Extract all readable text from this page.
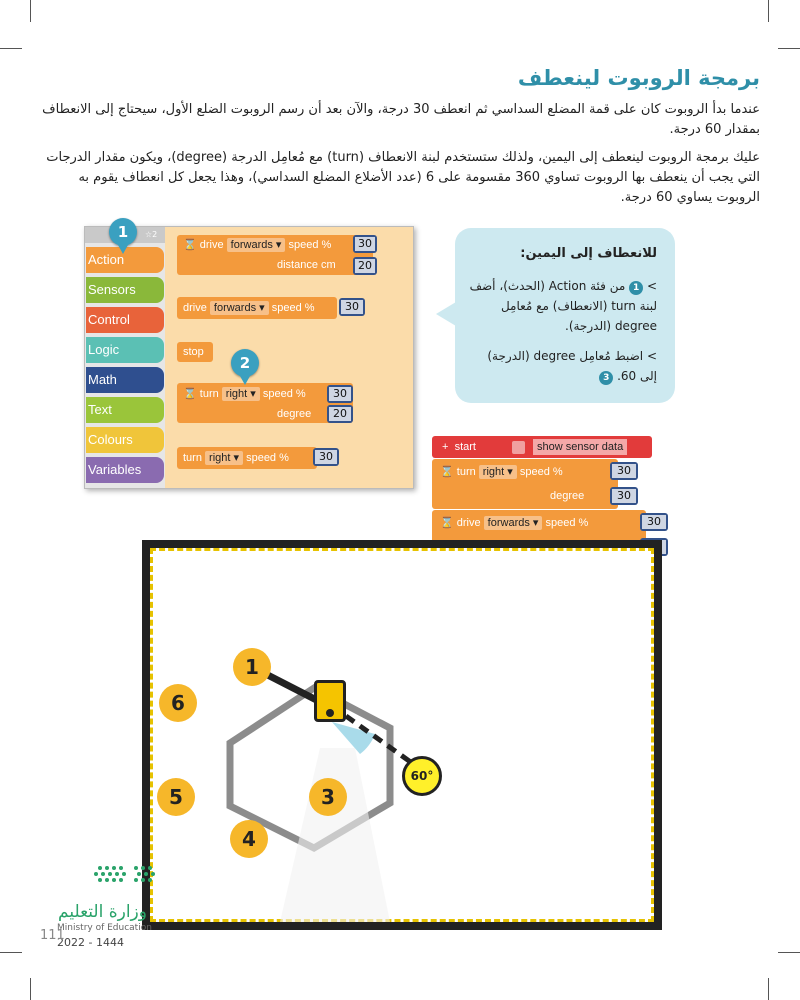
برمجة الروبوت لينعطف

عندما بدأ الروبوت كان على قمة المضلع السداسي ثم انعطف 30 درجة، والآن بعد أن رسم الروبوت الضلع الأول، سيحتاج إلى الانعطاف بمقدار 60 درجة.

عليك برمجة الروبوت لينعطف إلى اليمين، ولذلك ستستخدم لبنة الانعطاف (turn) مع مُعامِل الدرجة (degree)، ويكون مقدار الدرجات التي يجب أن ينعطف بها الروبوت تساوي 360 مقسومة على 6 (عدد الأضلاع المضلع السداسي)، وهذا يجعل كل انعطاف يقوم به الروبوت يساوي 60 درجة.

☆2
Action
Sensors
Control
Logic
Math
Text
Colours
Variables
⌛ drive forwards ▾ speed %
distance cm
30
20
drive forwards ▾ speed %	30
stop
⌛ turn right ▾ speed %
degree
30
20
turn right ▾ speed %	30
1
2
للانعطاف إلى اليمين:
> 1 من فئة Action (الحدث)، أضف لبنة turn (الانعطاف) مع مُعامِل degree (الدرجة).
> اضبط مُعامِل degree (الدرجة) إلى 60. 3
+ start	show sensor data
⌛ turn right ▾ speed %
degree
30
30
⌛ drive forwards ▾ speed %	30
1
3
4
5
6
60°
وزارة التعليم
Ministry of Education
2022 - 1444
111
